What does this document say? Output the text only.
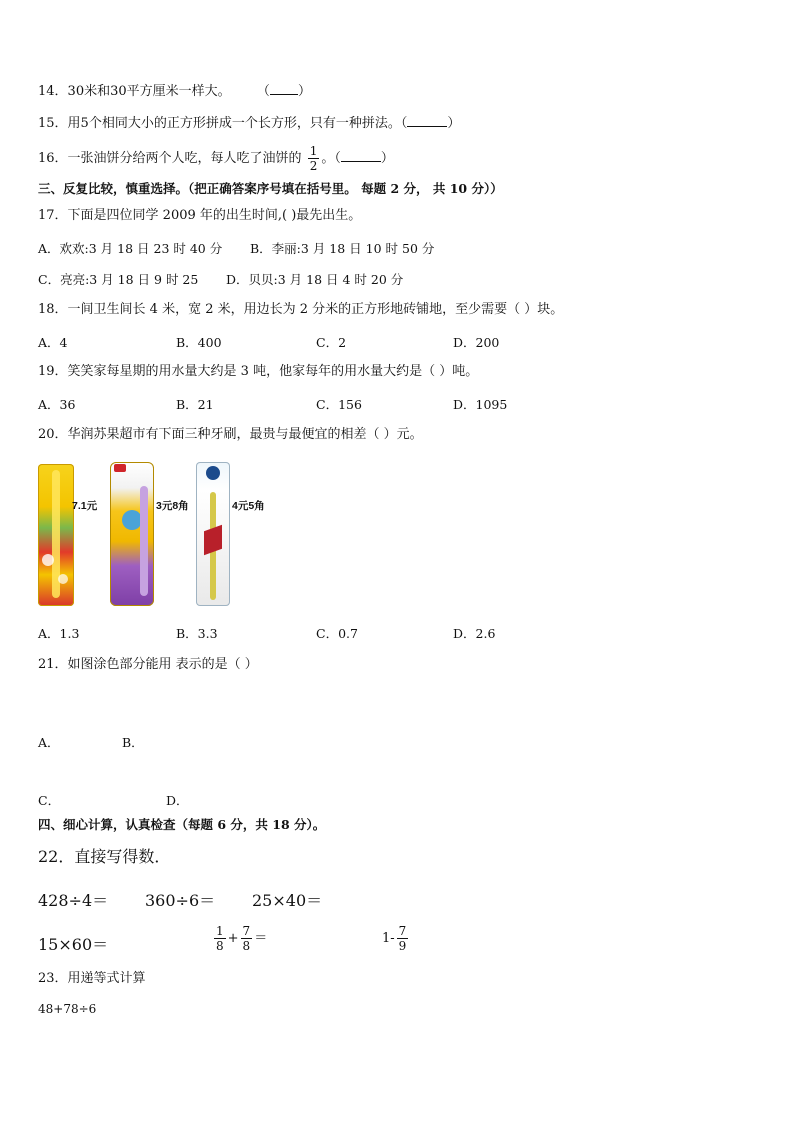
14．30米和30平方厘米一样大。 （ ）
15．用5个相同大小的正方形拼成一个长方形，只有一种拼法。（	）
16．一张油饼分给两个人吃，每人吃了油饼的 $\frac{1}{2}$ 。（	）
三、反复比较，慎重选择。（把正确答案序号填在括号里。 每题 2 分， 共 10 分））
17．下面是四位同学 2009 年的出生时间,( )最先出生。
A．欢欢:3 月 18 日 23 时 40 分 B．李丽:3 月 18 日 10 时 50 分
C．亮亮:3 月 18 日 9 时 25 D．贝贝:3 月 18 日 4 时 20 分
18．一间卫生间长 4 米，宽 2 米，用边长为 2 分米的正方形地砖铺地，至少需要（ ）块。
A．4	B．400	C．2	D．200
19．笑笑家每星期的用水量大约是 3 吨，他家每年的用水量大约是（ ）吨。
A．36	B．21	C．156	D．1095
20．华润苏果超市有下面三种牙刷，最贵与最便宜的相差（ ）元。
7.1元	3元8角	4元5角
A．1.3	B．3.3	C．0.7	D．2.6
21．如图涂色部分能用 表示的是（ ）
A．	B．
C．	D．
四、细心计算，认真检查（每题 6 分，共 18 分）。
22．直接写得数．
428÷4＝ 360÷6＝ 25×40＝
15×60＝	$\frac{1}{8} + \frac{7}{8}$ ＝	$1- \frac{7}{9}$
23．用递等式计算
48+78÷6
